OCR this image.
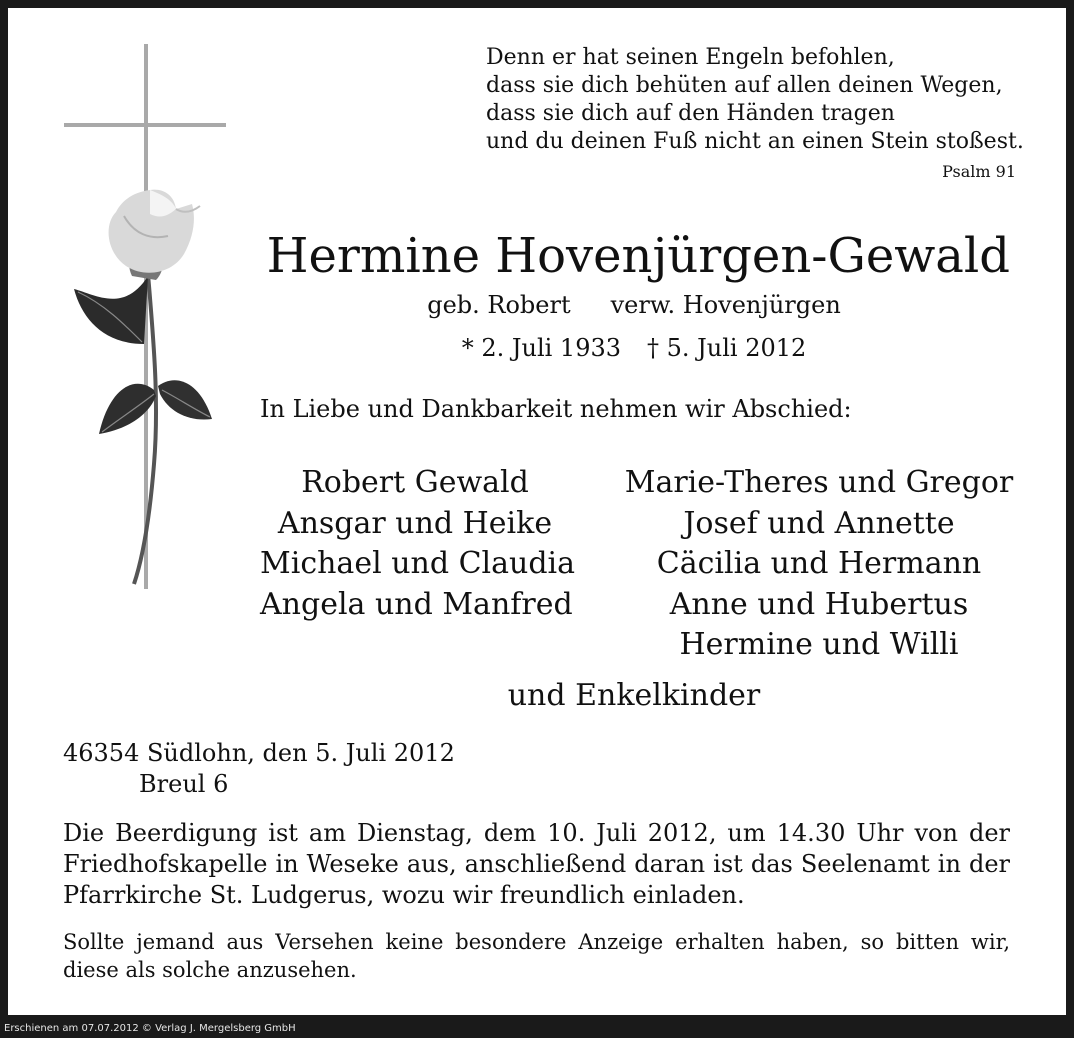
Denn er hat seinen Engeln befohlen,
dass sie dich behüten auf allen deinen Wegen,
dass sie dich auf den Händen tragen
und du deinen Fuß nicht an einen Stein stoßest.
Psalm 91
Hermine Hovenjürgen-Gewald
geb. Robert verw. Hovenjürgen
* 2. Juli 1933 † 5. Juli 2012
In Liebe und Dankbarkeit nehmen wir Abschied:
Robert Gewald
Ansgar und Heike
Michael und Claudia
Angela und Manfred
Marie-Theres und Gregor
Josef und Annette
Cäcilia und Hermann
Anne und Hubertus
Hermine und Willi
und Enkelkinder
46354 Südlohn, den 5. Juli 2012
Breul 6
Die Beerdigung ist am Dienstag, dem 10. Juli 2012, um 14.30 Uhr von der
Friedhofskapelle in Weseke aus, anschließend daran ist das Seelenamt in der
Pfarrkirche St. Ludgerus, wozu wir freundlich einladen.
Sollte jemand aus Versehen keine besondere Anzeige erhalten haben, so bitten wir,
diese als solche anzusehen.
Erschienen am 07.07.2012 © Verlag J. Mergelsberg GmbH
